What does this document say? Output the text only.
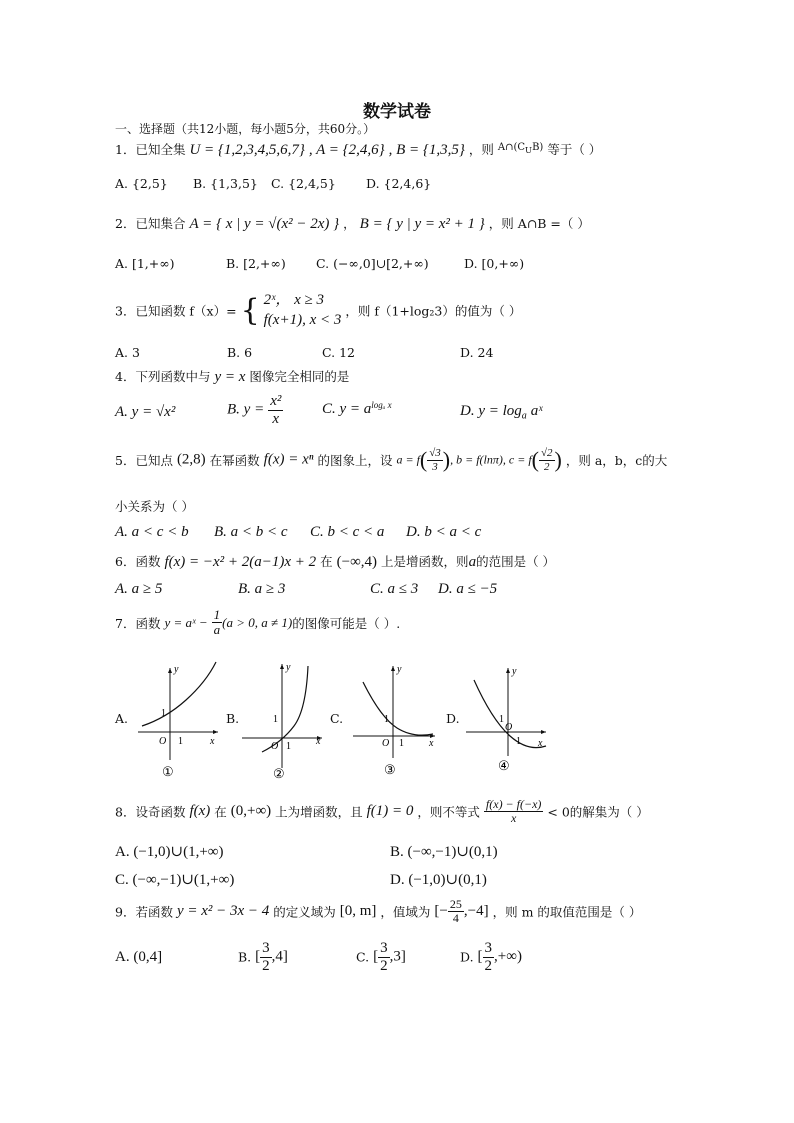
数学试卷
一、选择题（共12小题，每小题5分，共60分。）
1．已知全集 U = {1,2,3,4,5,6,7} , A = {2,4,6} , B = {1,3,5} ，则 $^{A\cap(C_UB)}$ 等于（ ）
A. {2,5} B. {1,3,5} C. {2,4,5} D. {2,4,6}
2．已知集合 A = { x | y = √(x² − 2x) } ， B = { y | y = x² + 1 } ，则 A∩B =（ ）
A. [1,+∞)	B. [2,+∞) C. (−∞,0]∪[2,+∞)	D. [0,+∞)
3．已知函数 f（x）= { 2ˣ， x ≥ 3
f(x+1), x < 3
，则 f（1+log₂3）的值为（ ）
A. 3	B. 6	C. 12	D. 24
4．下列函数中与 y = x 图像完全相同的是
A. y = √x²	B. $y = \frac{\text{x²}}{x}$	C. $y = a^{log_a x}$	D. $y = \log_a$ aˣ
5．已知点 (2,8) 在幂函数 f(x) = xⁿ 的图象上，设 $a = f( \frac{√3}{3}$ ), b = f(lnπ), $c = f( \frac{√2}{2}$ ) ，则 a，b，c的大
小关系为（ ）
A. a < c < b B. a < b < c C. b < c < a D. b < a < c
6．函数 f(x) = −x² + 2(a−1)x + 2 在 (−∞,4) 上是增函数，则a的范围是（ ）
A. a ≥ 5	B. a ≥ 3	C. a ≤ 3 D. a ≤ −5
7．函数 y = aˣ − $\frac{1}{a} (a > 0$, a ≠ 1)的图像可能是（ ）.
A.	B.	C.	D.
y
x
O 1
1
①
y
x
O 1
1
②
y
x
O 1
1
③
y
x
O
1
1
④
8．设奇函数 f(x) 在 (0,+∞) 上为增函数，且 f(1) = 0 ，则不等式 $\frac{f(x) - f(-x)}{x} < 0$的解集为（ ）
A. (−1,0)∪(1,+∞)	B. (−∞,−1)∪(0,1)
C. (−∞,−1)∪(1,+∞)	D. (−1,0)∪(0,1)
9．若函数 y = x² − 3x − 4 的定义域为 [0, m] ，值域为 [− $\frac{25}{4} ,-4$] ，则 m 的取值范围是（ ）
A. (0,4]	B. [ $\frac{3}{2} ,4$]	C. [ $\frac{3}{2} ,3$]	D. [ $\frac{3}{2}$ ,+∞)
